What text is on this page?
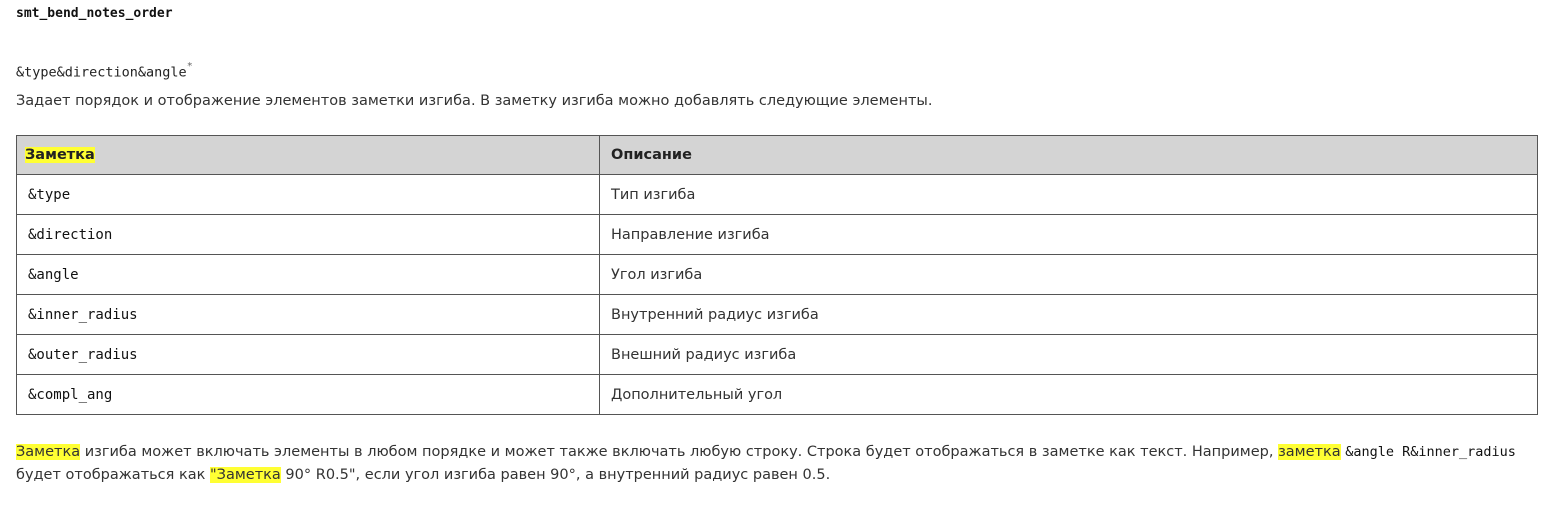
smt_bend_notes_order
&type&direction&angle*
Задает порядок и отображение элементов заметки изгиба. В заметку изгиба можно добавлять следующие элементы.
Заметка	Описание
&type	Тип изгиба
&direction	Направление изгиба
&angle	Угол изгиба
&inner_radius	Внутренний радиус изгиба
&outer_radius	Внешний радиус изгиба
&compl_ang	Дополнительный угол
Заметка изгиба может включать элементы в любом порядке и может также включать любую строку. Строка будет отображаться в заметке как текст. Например, заметка &angle R&inner_radius будет отображаться как "Заметка 90° R0.5", если угол изгиба равен 90°, а внутренний радиус равен 0.5.
